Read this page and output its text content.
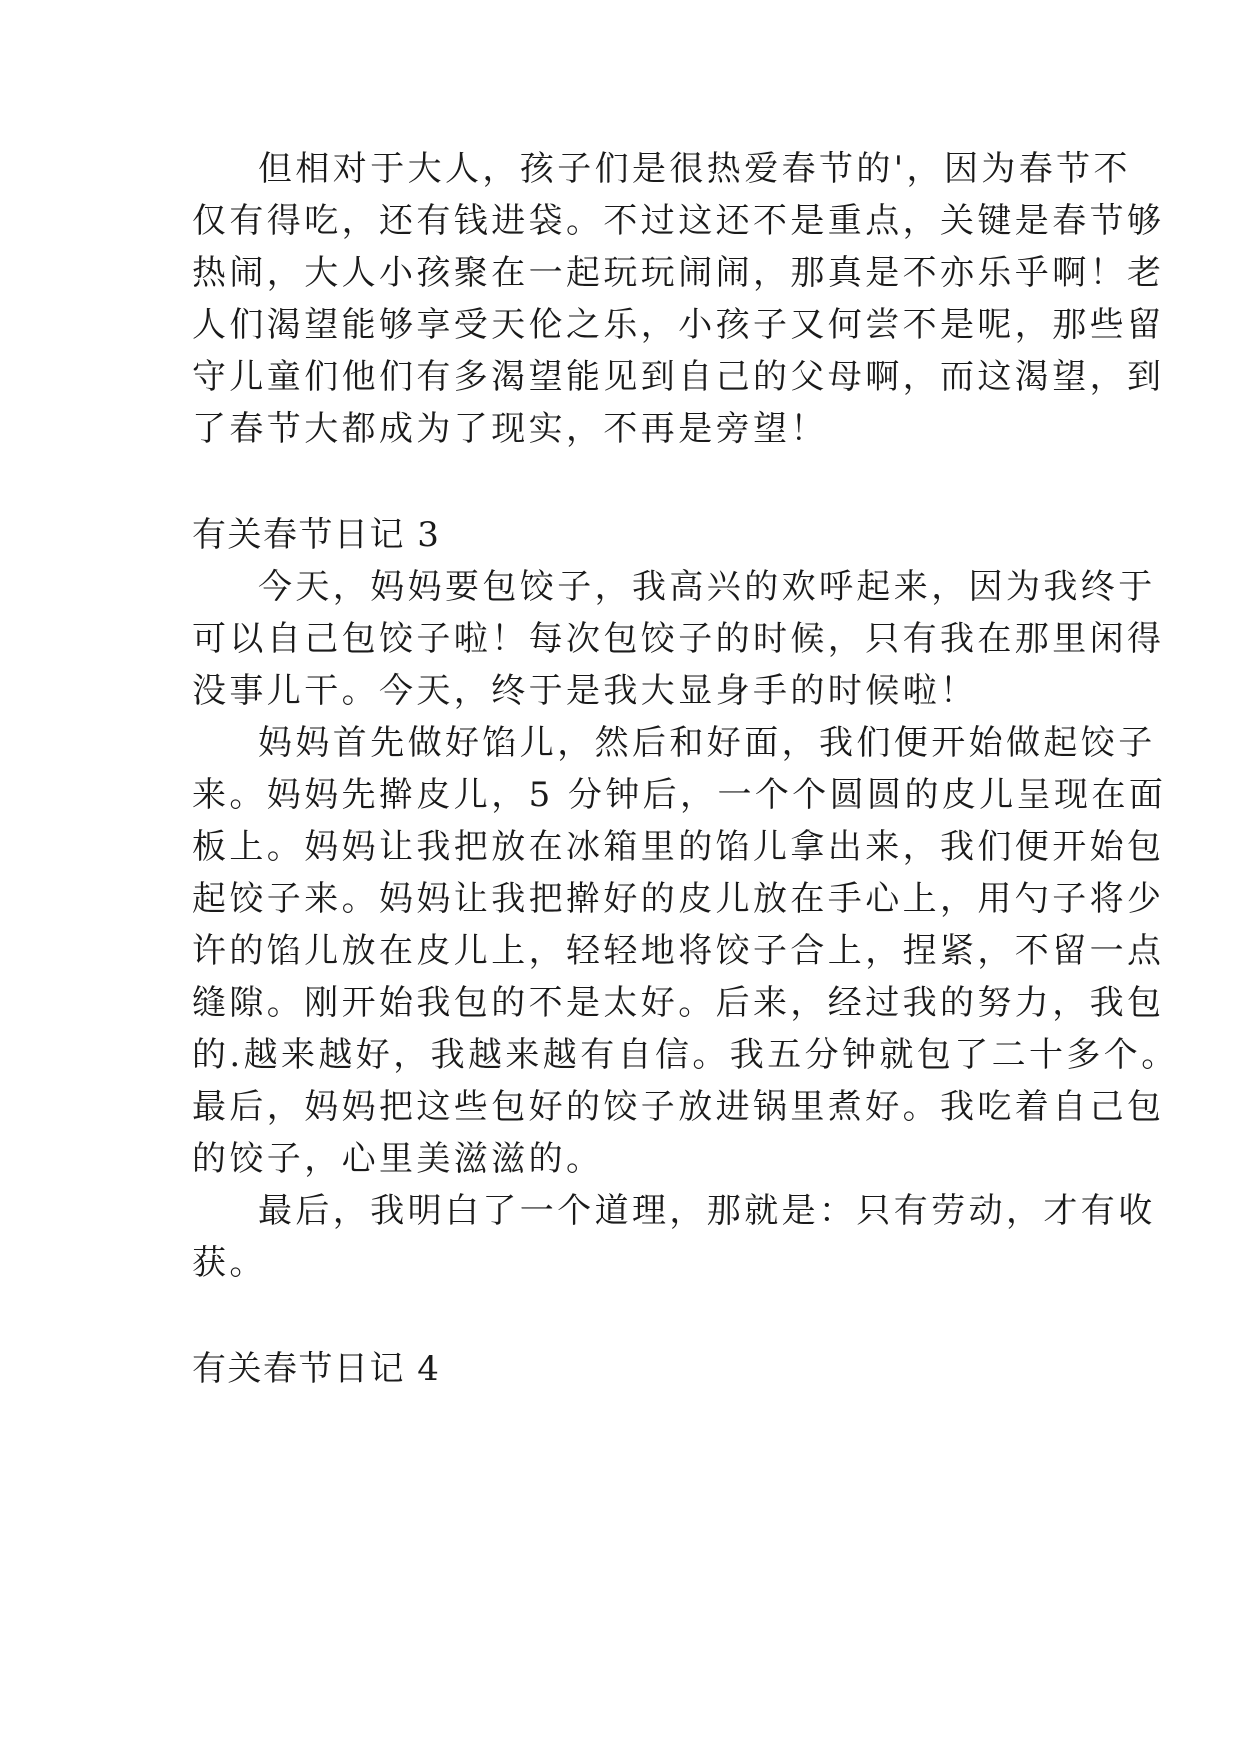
但相对于大人，孩子们是很热爱春节的'，因为春节不
仅有得吃，还有钱进袋。不过这还不是重点，关键是春节够
热闹，大人小孩聚在一起玩玩闹闹，那真是不亦乐乎啊！老
人们渴望能够享受天伦之乐，小孩子又何尝不是呢，那些留
守儿童们他们有多渴望能见到自己的父母啊，而这渴望，到
了春节大都成为了现实，不再是旁望！
有关春节日记 3
今天，妈妈要包饺子，我高兴的欢呼起来，因为我终于
可以自己包饺子啦！每次包饺子的时候，只有我在那里闲得
没事儿干。今天，终于是我大显身手的时候啦！
妈妈首先做好馅儿，然后和好面，我们便开始做起饺子
来。妈妈先擀皮儿，5 分钟后，一个个圆圆的皮儿呈现在面
板上。妈妈让我把放在冰箱里的馅儿拿出来，我们便开始包
起饺子来。妈妈让我把擀好的皮儿放在手心上，用勺子将少
许的馅儿放在皮儿上，轻轻地将饺子合上，捏紧，不留一点
缝隙。刚开始我包的不是太好。后来，经过我的努力，我包
的.越来越好，我越来越有自信。我五分钟就包了二十多个。
最后，妈妈把这些包好的饺子放进锅里煮好。我吃着自己包
的饺子，心里美滋滋的。
最后，我明白了一个道理，那就是：只有劳动，才有收
获。
有关春节日记 4
